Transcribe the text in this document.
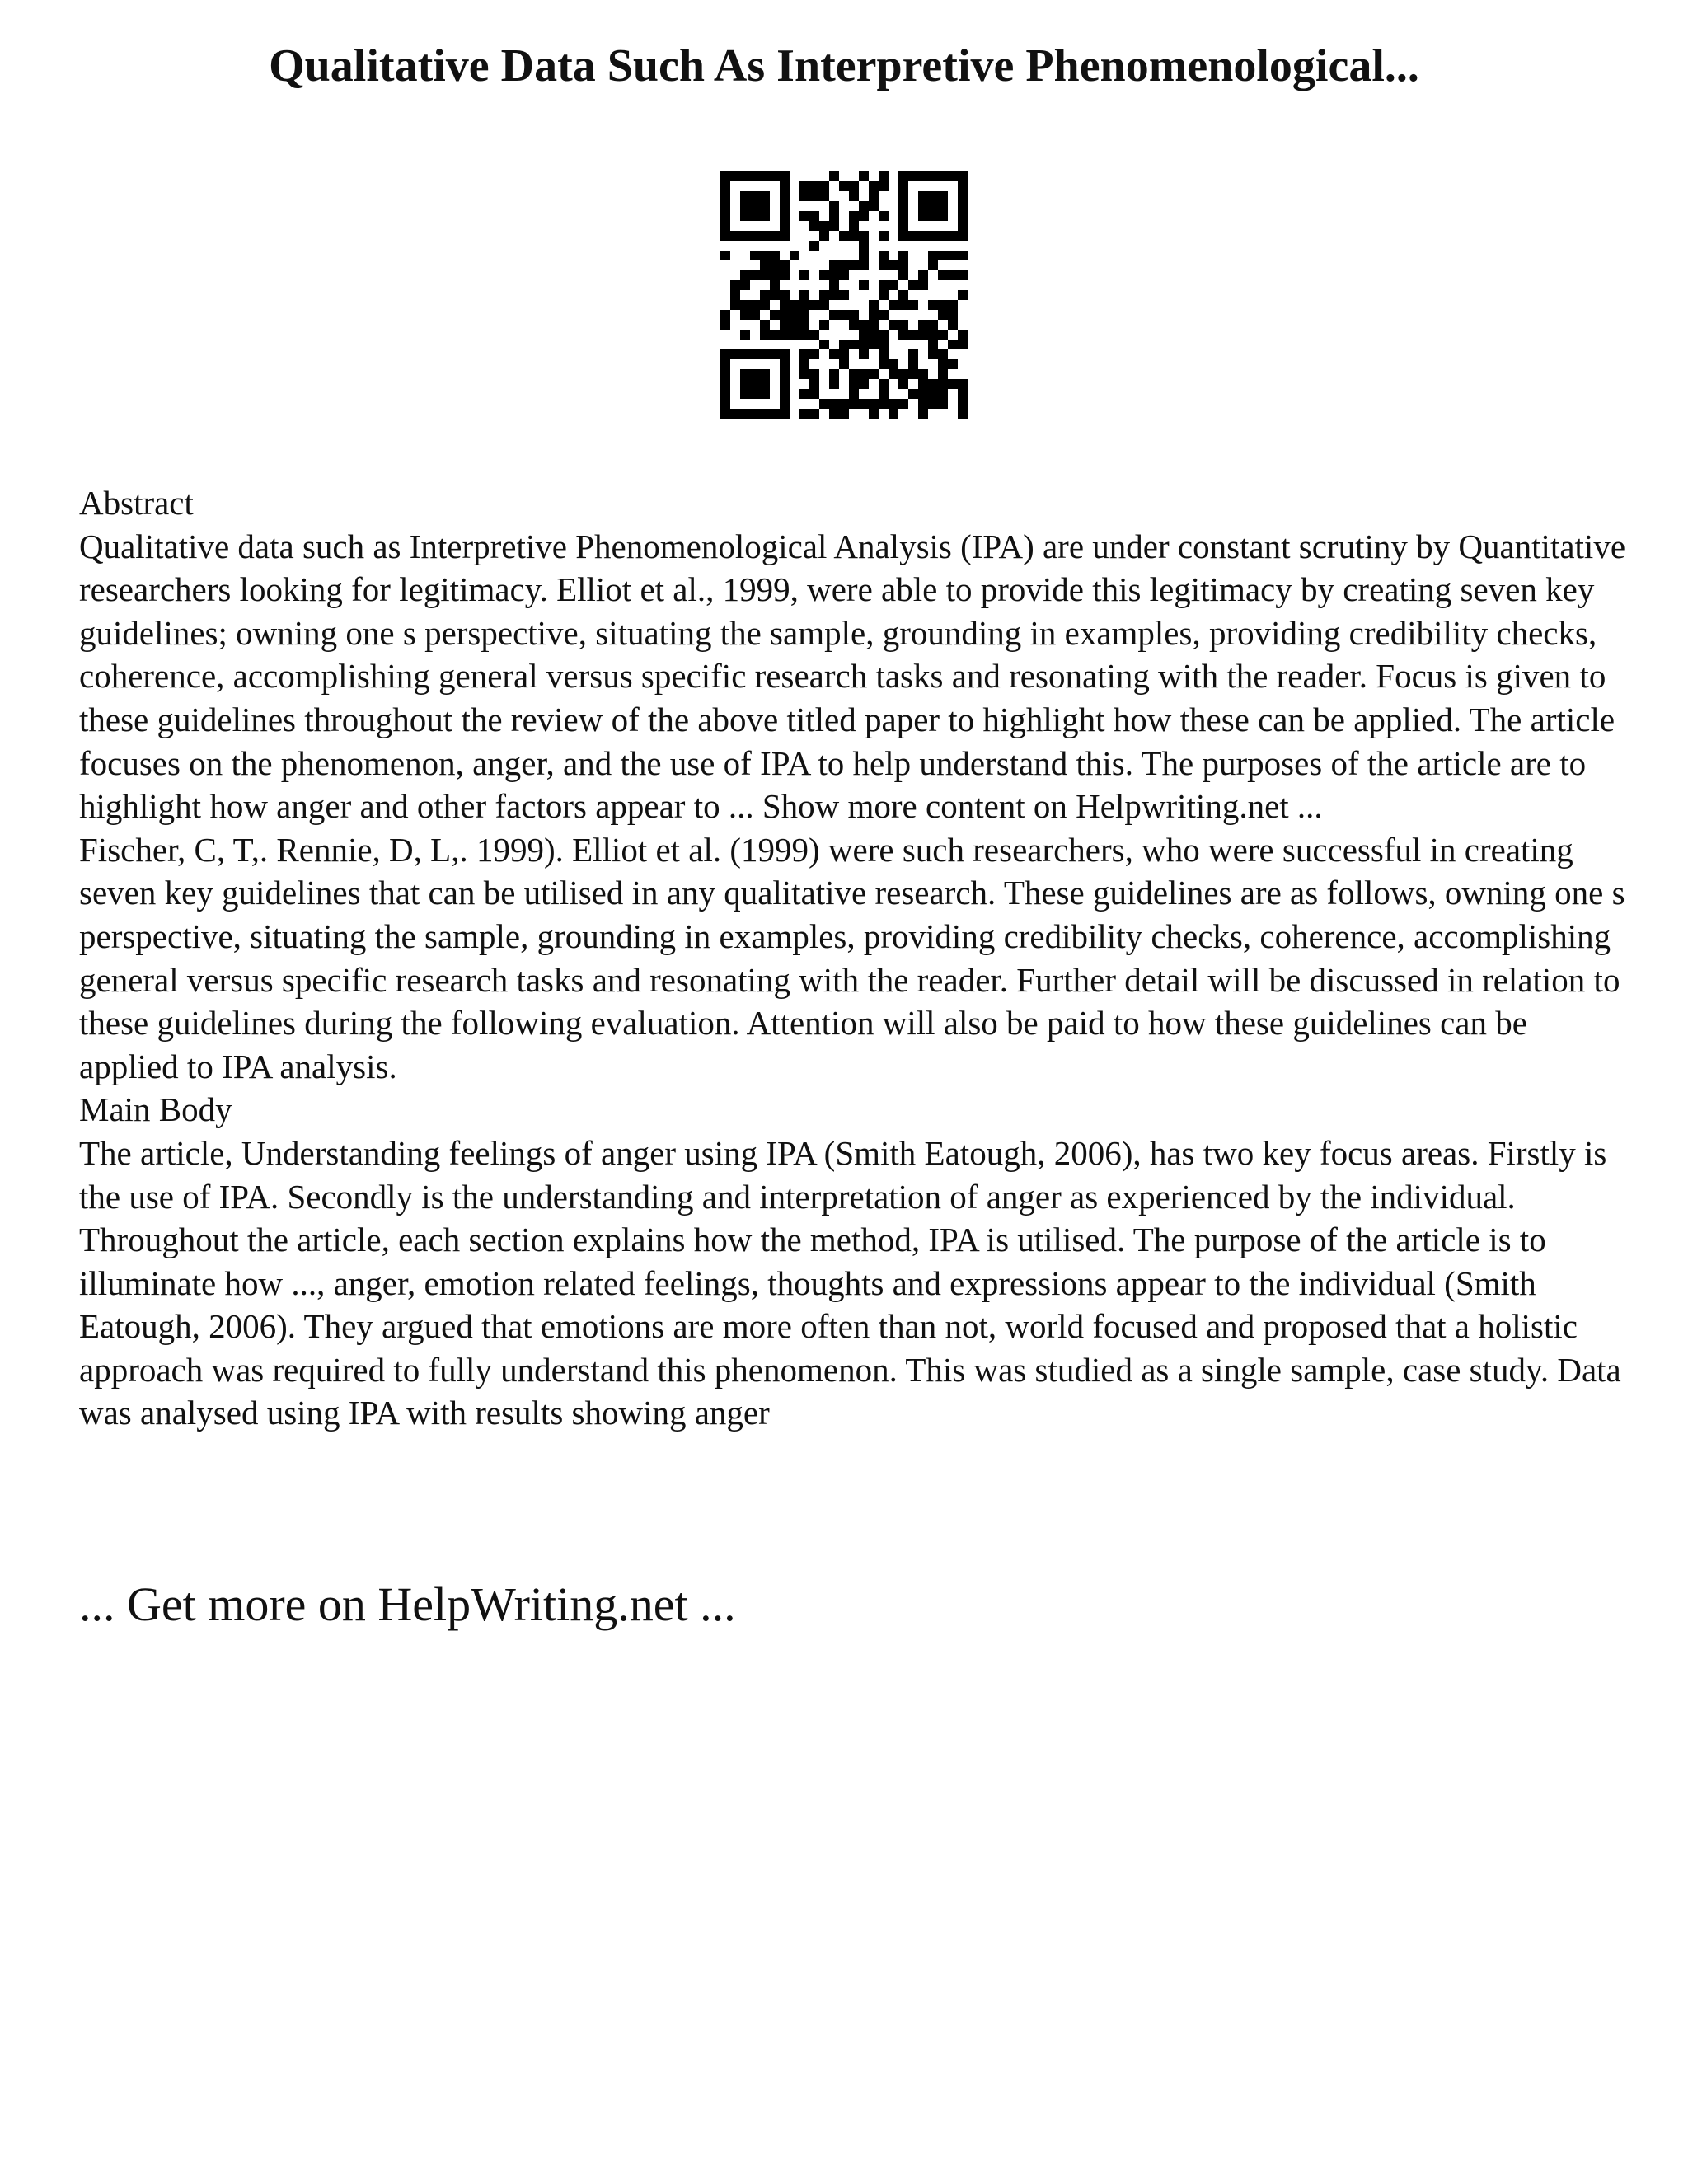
Qualitative Data Such As Interpretive Phenomenological...

Abstract

Qualitative data such as Interpretive Phenomenological Analysis (IPA) are under constant scrutiny by Quantitative researchers looking for legitimacy. Elliot et al., 1999, were able to provide this legitimacy by creating seven key guidelines; owning one s perspective, situating the sample, grounding in examples, providing credibility checks, coherence, accomplishing general versus specific research tasks and resonating with the reader. Focus is given to these guidelines throughout the review of the above titled paper to highlight how these can be applied. The article focuses on the phenomenon, anger, and the use of IPA to help understand this. The purposes of the article are to highlight how anger and other factors appear to ... Show more content on Helpwriting.net ...

Fischer, C, T,. Rennie, D, L,. 1999). Elliot et al. (1999) were such researchers, who were successful in creating seven key guidelines that can be utilised in any qualitative research. These guidelines are as follows, owning one s perspective, situating the sample, grounding in examples, providing credibility checks, coherence, accomplishing general versus specific research tasks and resonating with the reader. Further detail will be discussed in relation to these guidelines during the following evaluation. Attention will also be paid to how these guidelines can be applied to IPA analysis.

Main Body

The article, Understanding feelings of anger using IPA (Smith Eatough, 2006), has two key focus areas. Firstly is the use of IPA. Secondly is the understanding and interpretation of anger as experienced by the individual. Throughout the article, each section explains how the method, IPA is utilised. The purpose of the article is to illuminate how ..., anger, emotion related feelings, thoughts and expressions appear to the individual (Smith Eatough, 2006). They argued that emotions are more often than not, world focused and proposed that a holistic approach was required to fully understand this phenomenon. This was studied as a single sample, case study. Data was analysed using IPA with results showing anger

... Get more on HelpWriting.net ...
